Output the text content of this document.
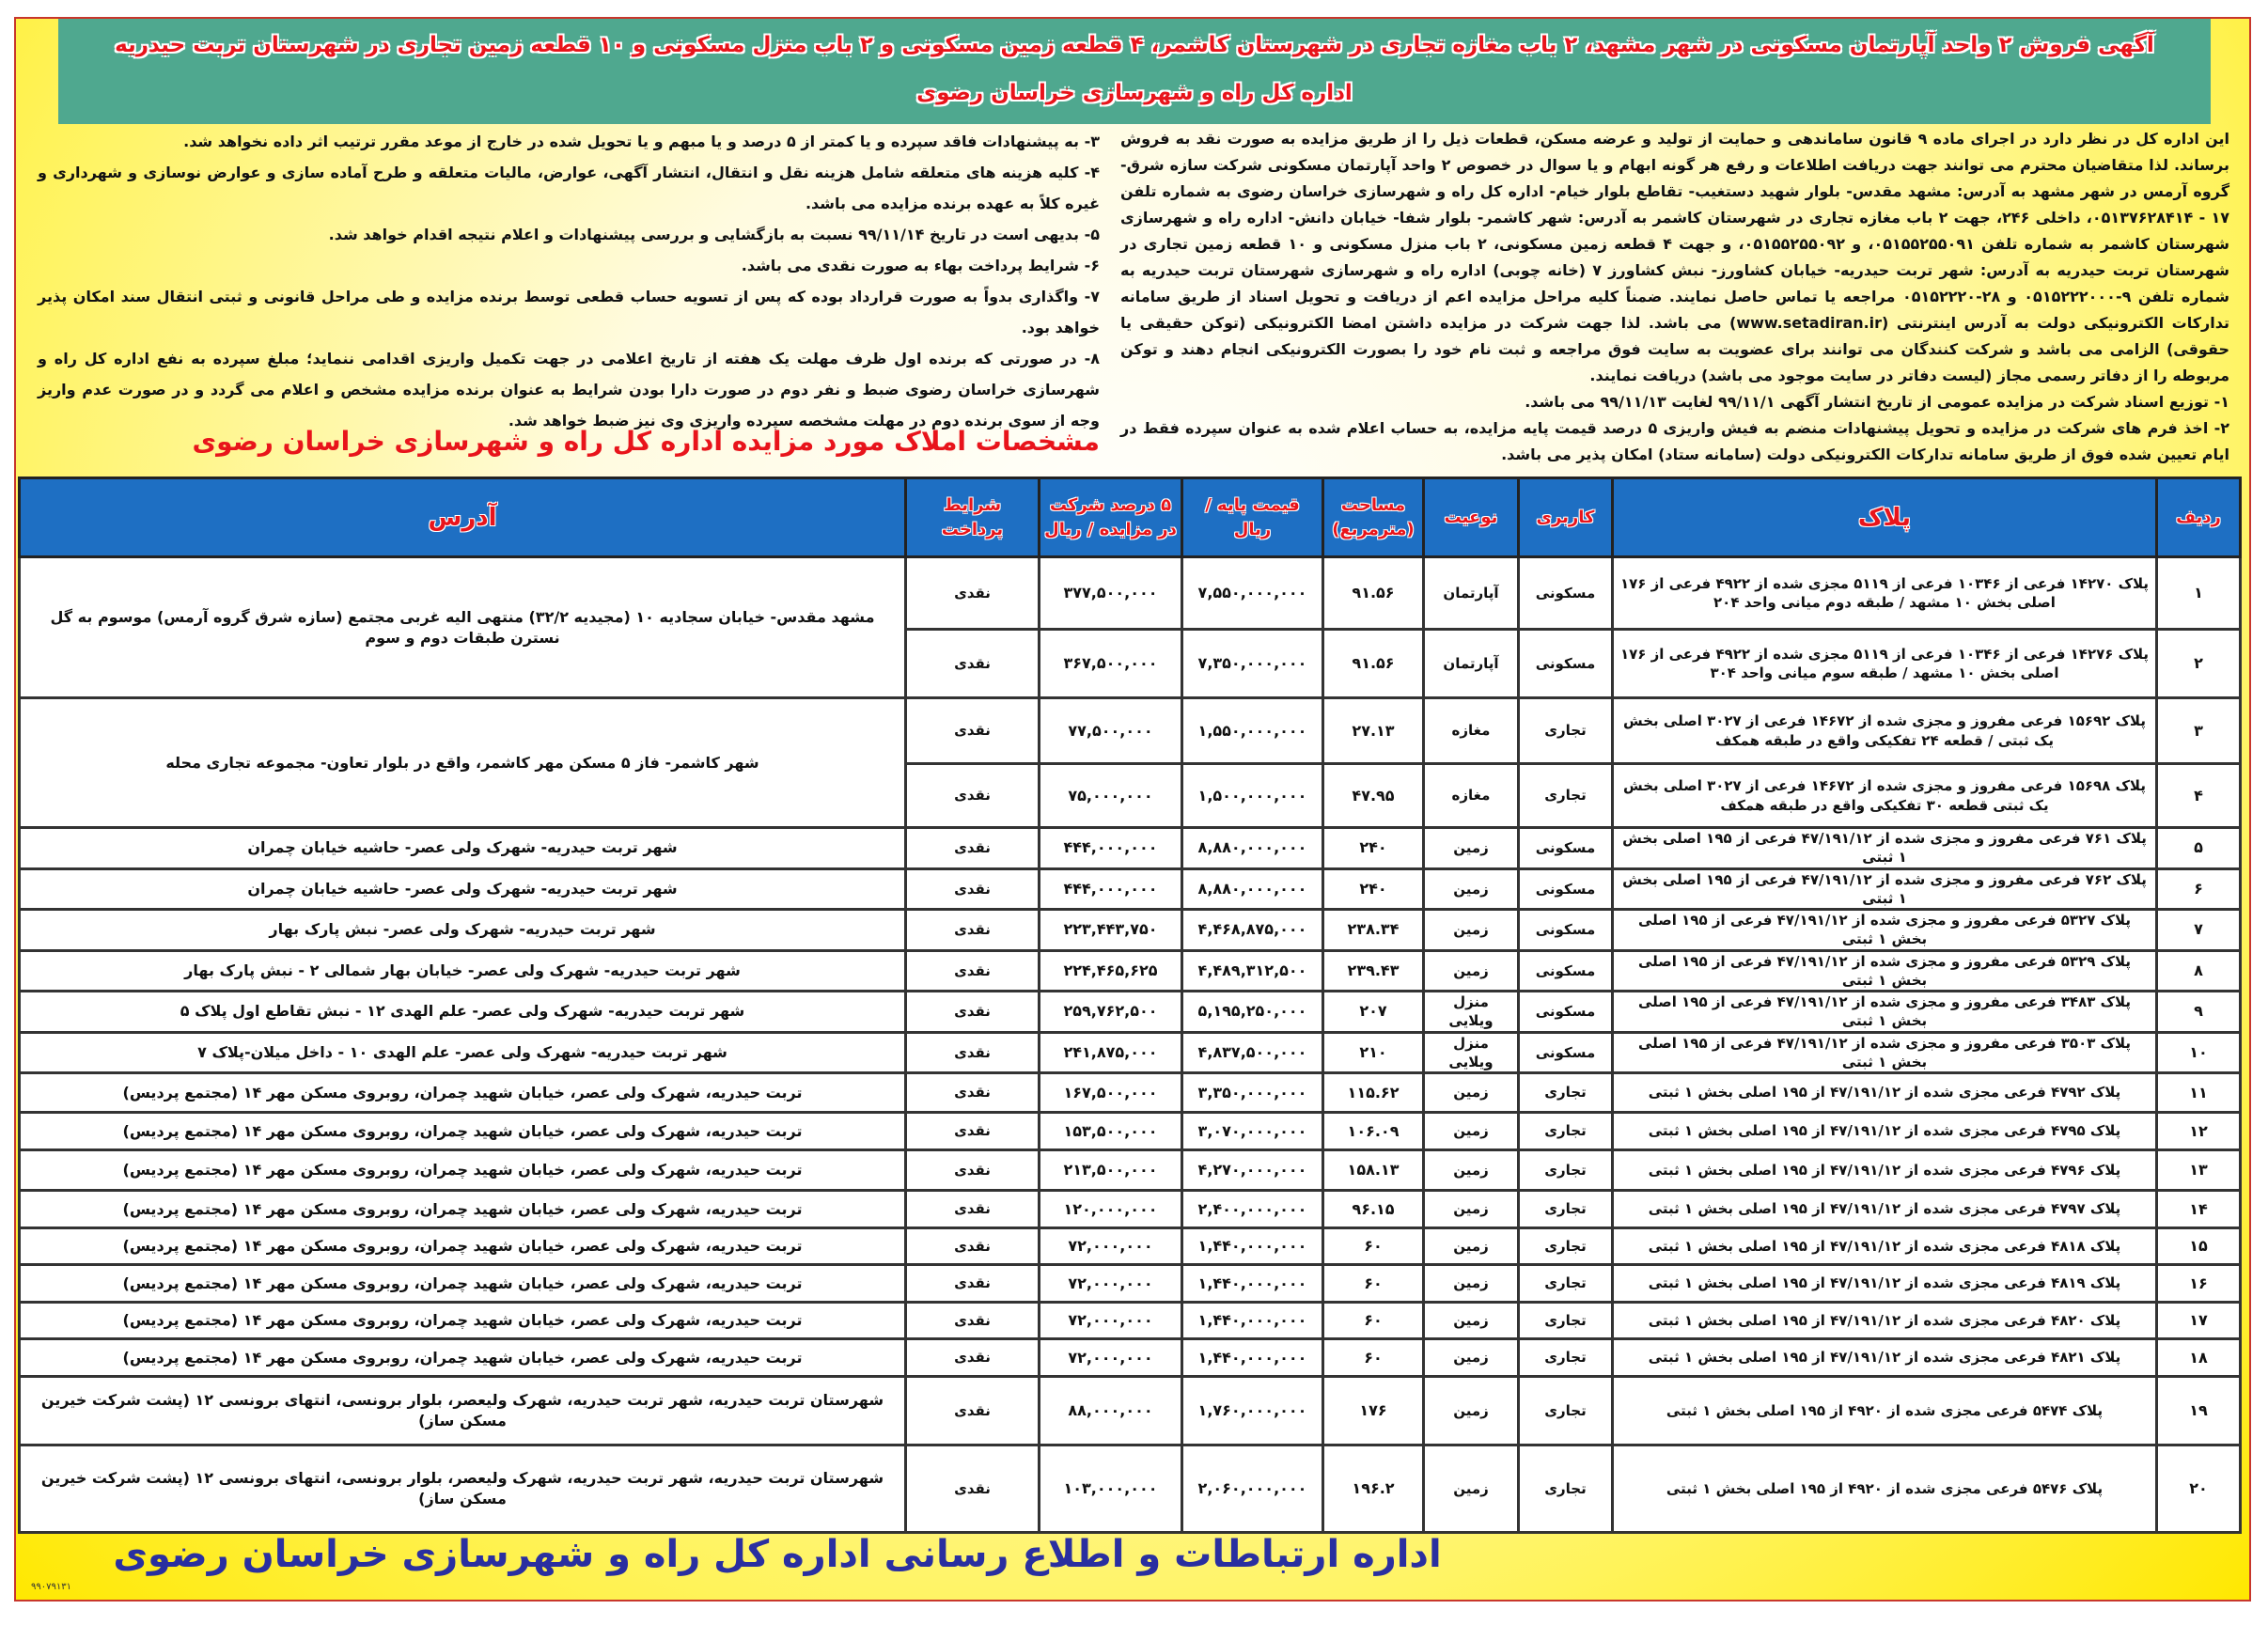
آگهی فروش ۲ واحد آپارتمان مسکونی در شهر مشهد، ۲ باب مغازه تجاری در شهرستان کاشمر، ۴ قطعه زمین مسکونی و ۲ باب منزل مسکونی و ۱۰ قطعه زمین تجاری در شهرستان تربت حیدریه
اداره کل راه و شهرسازی خراسان رضوی

این اداره کل در نظر دارد در اجرای ماده ۹ قانون ساماندهی و حمایت از تولید و عرضه مسکن، قطعات ذیل را از طریق مزایده به صورت نقد به فروش برساند. لذا متقاضیان محترم می توانند جهت دریافت اطلاعات و رفع هر گونه ابهام و یا سوال در خصوص ۲ واحد آپارتمان مسکونی شرکت سازه شرق- گروه آرمس در شهر مشهد به آدرس: مشهد مقدس- بلوار شهید دستغیب- تقاطع بلوار خیام- اداره کل راه و شهرسازی خراسان رضوی به شماره تلفن ۱۷ - ۰۵۱۳۷۶۲۸۴۱۴، داخلی ۲۴۶، جهت ۲ باب مغازه تجاری در شهرستان کاشمر به آدرس: شهر کاشمر- بلوار شفا- خیابان دانش- اداره راه و شهرسازی شهرستان کاشمر به شماره تلفن ۰۵۱۵۵۲۵۵۰۹۱، و ۰۵۱۵۵۲۵۵۰۹۲، و جهت ۴ قطعه زمین مسکونی، ۲ باب منزل مسکونی و ۱۰ قطعه زمین تجاری در شهرستان تربت حیدریه به آدرس: شهر تربت حیدریه- خیابان کشاورز- نبش کشاورز ۷ (خانه چوبی) اداره راه و شهرسازی شهرستان تربت حیدریه به شماره تلفن ۹-۰۵۱۵۲۲۲۰۰۰ و ۲۸-۰۵۱۵۲۲۲۰ مراجعه یا تماس حاصل نمایند. ضمناً کلیه مراحل مزایده اعم از دریافت و تحویل اسناد از طریق سامانه تدارکات الکترونیکی دولت به آدرس اینترنتی (www.setadiran.ir) می باشد. لذا جهت شرکت در مزایده داشتن امضا الکترونیکی (توکن حقیقی یا حقوقی) الزامی می باشد و شرکت کنندگان می توانند برای عضویت به سایت فوق مراجعه و ثبت نام خود را بصورت الکترونیکی انجام دهند و توکن مربوطه را از دفاتر رسمی مجاز (لیست دفاتر در سایت موجود می باشد) دریافت نمایند.

۱- توزیع اسناد شرکت در مزایده عمومی از تاریخ انتشار آگهی ۹۹/۱۱/۱ لغایت ۹۹/۱۱/۱۳ می باشد.

۲- اخذ فرم های شرکت در مزایده و تحویل پیشنهادات منضم به فیش واریزی ۵ درصد قیمت پایه مزایده، به حساب اعلام شده به عنوان سپرده فقط در ایام تعیین شده فوق از طریق سامانه تدارکات الکترونیکی دولت (سامانه ستاد) امکان پذیر می باشد.

۳- به پیشنهادات فاقد سپرده و یا کمتر از ۵ درصد و یا مبهم و یا تحویل شده در خارج از موعد مقرر ترتیب اثر داده نخواهد شد.

۴- کلیه هزینه های متعلقه شامل هزینه نقل و انتقال، انتشار آگهی، عوارض، مالیات متعلقه و طرح آماده سازی و عوارض نوسازی و شهرداری و غیره کلاً به عهده برنده مزایده می باشد.

۵- بدیهی است در تاریخ ۹۹/۱۱/۱۴ نسبت به بازگشایی و بررسی پیشنهادات و اعلام نتیجه اقدام خواهد شد.

۶- شرایط پرداخت بهاء به صورت نقدی می باشد.

۷- واگذاری بدواً به صورت قرارداد بوده که پس از تسویه حساب قطعی توسط برنده مزایده و طی مراحل قانونی و ثبتی انتقال سند امکان پذیر خواهد بود.

۸- در صورتی که برنده اول ظرف مهلت یک هفته از تاریخ اعلامی در جهت تکمیل واریزی اقدامی ننماید؛ مبلغ سپرده به نفع اداره کل راه و شهرسازی خراسان رضوی ضبط و نفر دوم در صورت دارا بودن شرایط به عنوان برنده مزایده مشخص و اعلام می گردد و در صورت عدم واریز وجه از سوی برنده دوم در مهلت مشخصه سپرده واریزی وی نیز ضبط خواهد شد.

مشخصات املاک مورد مزایده اداره کل راه و شهرسازی خراسان رضوی
ردیف	پلاک	کاربری	نوعیت	مساحت (مترمربع)	قیمت پایه / ریال	۵ درصد شرکت در مزایده / ریال	شرایط پرداخت	آدرس
۱	پلاک ۱۴۲۷۰ فرعی از ۱۰۳۴۶ فرعی از ۵۱۱۹ مجزی شده از ۴۹۲۲ فرعی از ۱۷۶ اصلی بخش ۱۰ مشهد / طبقه دوم میانی واحد ۲۰۴	مسکونی	آپارتمان	۹۱.۵۶	۷,۵۵۰,۰۰۰,۰۰۰	۳۷۷,۵۰۰,۰۰۰	نقدی	مشهد مقدس- خیابان سجادیه ۱۰ (مجیدیه ۳۲/۲) منتهی الیه غربی مجتمع (سازه شرق گروه آرمس) موسوم به گل نسترن طبقات دوم و سوم
۲	پلاک ۱۴۲۷۶ فرعی از ۱۰۳۴۶ فرعی از ۵۱۱۹ مجزی شده از ۴۹۲۲ فرعی از ۱۷۶ اصلی بخش ۱۰ مشهد / طبقه سوم میانی واحد ۳۰۴	مسکونی	آپارتمان	۹۱.۵۶	۷,۳۵۰,۰۰۰,۰۰۰	۳۶۷,۵۰۰,۰۰۰	نقدی	
۳	پلاک ۱۵۶۹۲ فرعی مفروز و مجزی شده از ۱۴۶۷۲ فرعی از ۳۰۲۷ اصلی بخش یک ثبتی / قطعه ۲۴ تفکیکی واقع در طبقه همکف	تجاری	مغازه	۲۷.۱۳	۱,۵۵۰,۰۰۰,۰۰۰	۷۷,۵۰۰,۰۰۰	نقدی	شهر کاشمر- فاز ۵ مسکن مهر کاشمر، واقع در بلوار تعاون- مجموعه تجاری محله
۴	پلاک ۱۵۶۹۸ فرعی مفروز و مجزی شده از ۱۴۶۷۲ فرعی از ۳۰۲۷ اصلی بخش یک ثبتی قطعه ۳۰ تفکیکی واقع در طبقه همکف	تجاری	مغازه	۴۷.۹۵	۱,۵۰۰,۰۰۰,۰۰۰	۷۵,۰۰۰,۰۰۰	نقدی	
۵	پلاک ۷۶۱ فرعی مفروز و مجزی شده از ۴۷/۱۹۱/۱۲ فرعی از ۱۹۵ اصلی بخش ۱ ثبتی	مسکونی	زمین	۲۴۰	۸,۸۸۰,۰۰۰,۰۰۰	۴۴۴,۰۰۰,۰۰۰	نقدی	شهر تربت حیدریه- شهرک ولی عصر- حاشیه خیابان چمران
۶	پلاک ۷۶۲ فرعی مفروز و مجزی شده از ۴۷/۱۹۱/۱۲ فرعی از ۱۹۵ اصلی بخش ۱ ثبتی	مسکونی	زمین	۲۴۰	۸,۸۸۰,۰۰۰,۰۰۰	۴۴۴,۰۰۰,۰۰۰	نقدی	شهر تربت حیدریه- شهرک ولی عصر- حاشیه خیابان چمران
۷	پلاک ۵۳۲۷ فرعی مفروز و مجزی شده از ۴۷/۱۹۱/۱۲ فرعی از ۱۹۵ اصلی بخش ۱ ثبتی	مسکونی	زمین	۲۳۸.۳۴	۴,۴۶۸,۸۷۵,۰۰۰	۲۲۳,۴۴۳,۷۵۰	نقدی	شهر تربت حیدریه- شهرک ولی عصر- نبش پارک بهار
۸	پلاک ۵۳۲۹ فرعی مفروز و مجزی شده از ۴۷/۱۹۱/۱۲ فرعی از ۱۹۵ اصلی بخش ۱ ثبتی	مسکونی	زمین	۲۳۹.۴۳	۴,۴۸۹,۳۱۲,۵۰۰	۲۲۴,۴۶۵,۶۲۵	نقدی	شهر تربت حیدریه- شهرک ولی عصر- خیابان بهار شمالی ۲ - نبش پارک بهار
۹	پلاک ۳۴۸۳ فرعی مفروز و مجزی شده از ۴۷/۱۹۱/۱۲ فرعی از ۱۹۵ اصلی بخش ۱ ثبتی	مسکونی	منزل ویلایی	۲۰۷	۵,۱۹۵,۲۵۰,۰۰۰	۲۵۹,۷۶۲,۵۰۰	نقدی	شهر تربت حیدریه- شهرک ولی عصر- علم الهدی ۱۲ - نبش تقاطع اول پلاک ۵
۱۰	پلاک ۳۵۰۳ فرعی مفروز و مجزی شده از ۴۷/۱۹۱/۱۲ فرعی از ۱۹۵ اصلی بخش ۱ ثبتی	مسکونی	منزل ویلایی	۲۱۰	۴,۸۳۷,۵۰۰,۰۰۰	۲۴۱,۸۷۵,۰۰۰	نقدی	شهر تربت حیدریه- شهرک ولی عصر- علم الهدی ۱۰ - داخل میلان-پلاک ۷
۱۱	پلاک ۴۷۹۲ فرعی مجزی شده از ۴۷/۱۹۱/۱۲ از ۱۹۵ اصلی بخش ۱ ثبتی	تجاری	زمین	۱۱۵.۶۲	۳,۳۵۰,۰۰۰,۰۰۰	۱۶۷,۵۰۰,۰۰۰	نقدی	تربت حیدریه، شهرک ولی عصر، خیابان شهید چمران، روبروی مسکن مهر ۱۴ (مجتمع پردیس)
۱۲	پلاک ۴۷۹۵ فرعی مجزی شده از ۴۷/۱۹۱/۱۲ از ۱۹۵ اصلی بخش ۱ ثبتی	تجاری	زمین	۱۰۶.۰۹	۳,۰۷۰,۰۰۰,۰۰۰	۱۵۳,۵۰۰,۰۰۰	نقدی	تربت حیدریه، شهرک ولی عصر، خیابان شهید چمران، روبروی مسکن مهر ۱۴ (مجتمع پردیس)
۱۳	پلاک ۴۷۹۶ فرعی مجزی شده از ۴۷/۱۹۱/۱۲ از ۱۹۵ اصلی بخش ۱ ثبتی	تجاری	زمین	۱۵۸.۱۳	۴,۲۷۰,۰۰۰,۰۰۰	۲۱۳,۵۰۰,۰۰۰	نقدی	تربت حیدریه، شهرک ولی عصر، خیابان شهید چمران، روبروی مسکن مهر ۱۴ (مجتمع پردیس)
۱۴	پلاک ۴۷۹۷ فرعی مجزی شده از ۴۷/۱۹۱/۱۲ از ۱۹۵ اصلی بخش ۱ ثبتی	تجاری	زمین	۹۶.۱۵	۲,۴۰۰,۰۰۰,۰۰۰	۱۲۰,۰۰۰,۰۰۰	نقدی	تربت حیدریه، شهرک ولی عصر، خیابان شهید چمران، روبروی مسکن مهر ۱۴ (مجتمع پردیس)
۱۵	پلاک ۴۸۱۸ فرعی مجزی شده از ۴۷/۱۹۱/۱۲ از ۱۹۵ اصلی بخش ۱ ثبتی	تجاری	زمین	۶۰	۱,۴۴۰,۰۰۰,۰۰۰	۷۲,۰۰۰,۰۰۰	نقدی	تربت حیدریه، شهرک ولی عصر، خیابان شهید چمران، روبروی مسکن مهر ۱۴ (مجتمع پردیس)
۱۶	پلاک ۴۸۱۹ فرعی مجزی شده از ۴۷/۱۹۱/۱۲ از ۱۹۵ اصلی بخش ۱ ثبتی	تجاری	زمین	۶۰	۱,۴۴۰,۰۰۰,۰۰۰	۷۲,۰۰۰,۰۰۰	نقدی	تربت حیدریه، شهرک ولی عصر، خیابان شهید چمران، روبروی مسکن مهر ۱۴ (مجتمع پردیس)
۱۷	پلاک ۴۸۲۰ فرعی مجزی شده از ۴۷/۱۹۱/۱۲ از ۱۹۵ اصلی بخش ۱ ثبتی	تجاری	زمین	۶۰	۱,۴۴۰,۰۰۰,۰۰۰	۷۲,۰۰۰,۰۰۰	نقدی	تربت حیدریه، شهرک ولی عصر، خیابان شهید چمران، روبروی مسکن مهر ۱۴ (مجتمع پردیس)
۱۸	پلاک ۴۸۲۱ فرعی مجزی شده از ۴۷/۱۹۱/۱۲ از ۱۹۵ اصلی بخش ۱ ثبتی	تجاری	زمین	۶۰	۱,۴۴۰,۰۰۰,۰۰۰	۷۲,۰۰۰,۰۰۰	نقدی	تربت حیدریه، شهرک ولی عصر، خیابان شهید چمران، روبروی مسکن مهر ۱۴ (مجتمع پردیس)
۱۹	پلاک ۵۴۷۴ فرعی مجزی شده از ۴۹۲۰ از ۱۹۵ اصلی بخش ۱ ثبتی	تجاری	زمین	۱۷۶	۱,۷۶۰,۰۰۰,۰۰۰	۸۸,۰۰۰,۰۰۰	نقدی	شهرستان تربت حیدریه، شهر تربت حیدریه، شهرک ولیعصر، بلوار برونسی، انتهای برونسی ۱۲ (پشت شرکت خیرین مسکن ساز)
۲۰	پلاک ۵۴۷۶ فرعی مجزی شده از ۴۹۲۰ از ۱۹۵ اصلی بخش ۱ ثبتی	تجاری	زمین	۱۹۶.۲	۲,۰۶۰,۰۰۰,۰۰۰	۱۰۳,۰۰۰,۰۰۰	نقدی	شهرستان تربت حیدریه، شهر تربت حیدریه، شهرک ولیعصر، بلوار برونسی، انتهای برونسی ۱۲ (پشت شرکت خیرین مسکن ساز)
اداره ارتباطات و اطلاع رسانی اداره کل راه و شهرسازی خراسان رضوی
۹۹۰۷۹۱۳۱
